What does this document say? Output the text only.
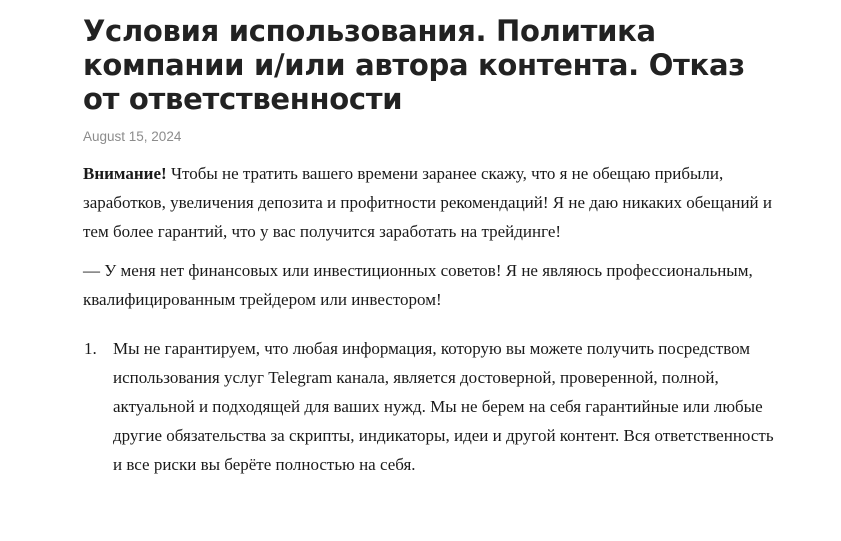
Условия использования. Политика компании и/или автора контента. Отказ от ответственности
August 15, 2024

Внимание! Чтобы не тратить вашего времени заранее скажу, что я не обещаю прибыли, заработков, увеличения депозита и профитности рекомендаций! Я не даю никаких обещаний и тем более гарантий, что у вас получится заработать на трейдинге!

— У меня нет финансовых или инвестиционных советов! Я не являюсь профессиональным, квалифицированным трейдером или инвестором!

1. Мы не гарантируем, что любая информация, которую вы можете получить посредством использования услуг Telegram канала, является достоверной, проверенной, полной, актуальной и подходящей для ваших нужд. Мы не берем на себя гарантийные или любые другие обязательства за скрипты, индикаторы, идеи и другой контент. Вся ответственность и все риски вы берёте полностью на себя.
